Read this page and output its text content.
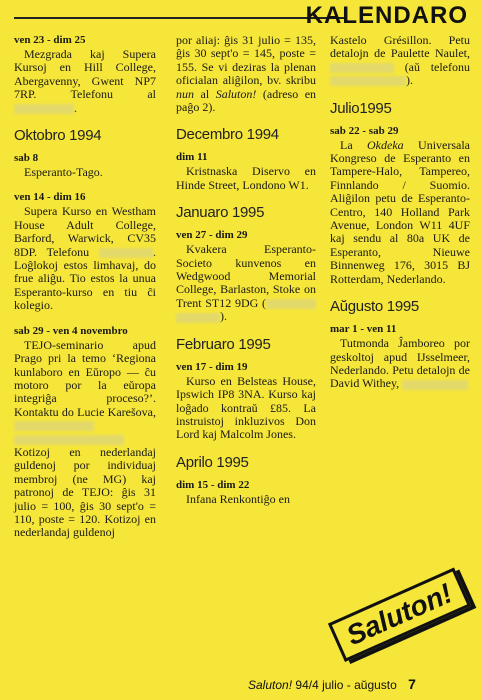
KALENDARO
ven 23 - dim 25
Mezgrada kaj Supera Kursoj en Hill College, Abergavenny, Gwent NP7 7RP. Telefonu al .
Oktobro 1994
sab 8
Esperanto-Tago.
ven 14 - dim 16
Supera Kurso en Westham House Adult College, Barford, Warwick, CV35 8DP. Telefonu	. Loĝlokoj estos limhavaj, do frue aliĝu. Tio estos la unua Esperanto-kurso en tiu ĉi kolegio.
sab 29 - ven 4 novembro
TEJO-seminario apud Prago pri la temo ‘Regiona kunlaboro en Eŭropo — ĉu motoro por la eŭropa integriĝa proceso?’. Kontaktu do Lucie Karešova,   Kotizoj en nederlandaj guldenoj por individuaj membroj (ne MG) kaj patronoj de TEJO: ĝis 31 julio = 100, ĝis 30 sept'o = 110, poste = 120. Kotizoj en nederlandaj guldenoj
por aliaj: ĝis 31 julio = 135, ĝis 30 sept'o = 145, poste = 155. Se vi deziras la plenan oficialan aliĝilon, bv. skribu nun al Saluton! (adreso en paĝo 2).
Decembro 1994
dim 11
Kristnaska Diservo en Hinde Street, Londono W1.
Januaro 1995
ven 27 - dim 29
Kvakera Esperanto-Societo kunvenos en Wedgwood Memorial College, Barlaston, Stoke on Trent ST12 9DG ( ).
Februaro 1995
ven 17 - dim 19
Kurso en Belsteas House, Ipswich IP8 3NA. Kurso kaj loĝado kontraŭ £85. La instruistoj inkluzivos Don Lord kaj Malcolm Jones.
Aprilo 1995
dim 15 - dim 22
Infana Renkontiĝo en
Kastelo Grésillon. Petu detalojn de Paulette Naulet,  (aŭ telefonu ).
Julio1995
sab 22 - sab 29
La Okdeka Universala Kongreso de Esperanto en Tampere-Halo, Tampereo, Finnlando / Suomio. Aliĝilon petu de Esperanto-Centro, 140 Holland Park Avenue, London W11 4UF kaj sendu al 80a UK de Esperanto, Nieuwe Binnenweg 176, 3015 BJ Rotterdam, Nederlando.
Aŭgusto 1995
mar 1 - ven 11
Tutmonda Ĵamboreo por geskoltoj apud IJsselmeer, Nederlando. Petu detalojn de David Withey,
Saluton!
Saluton! 94/4 julio - aŭgusto 7
